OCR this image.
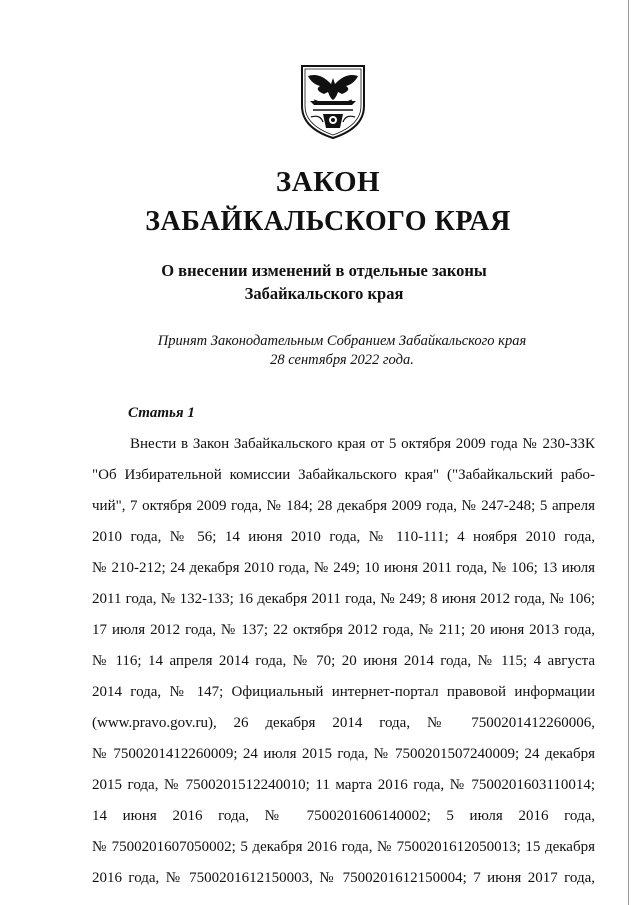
ЗАКОН
ЗАБАЙКАЛЬСКОГО КРАЯ
О внесении изменений в отдельные законы
Забайкальского края
Принят Законодательным Собранием Забайкальского края
28 сентября 2022 года.
Статья 1
Внести в Закон Забайкальского края от 5 октября 2009 года № 230-ЗЗК
"Об Избирательной комиссии Забайкальского края" ("Забайкальский рабо-
чий", 7 октября 2009 года, № 184; 28 декабря 2009 года, № 247-248; 5 апреля
2010 года, № 56; 14 июня 2010 года, № 110-111; 4 ноября 2010 года,
№ 210-212; 24 декабря 2010 года, № 249; 10 июня 2011 года, № 106; 13 июля
2011 года, № 132-133; 16 декабря 2011 года, № 249; 8 июня 2012 года, № 106;
17 июля 2012 года, № 137; 22 октября 2012 года, № 211; 20 июня 2013 года,
№ 116; 14 апреля 2014 года, № 70; 20 июня 2014 года, № 115; 4 августа
2014 года, № 147; Официальный интернет-портал правовой информации
(www.pravo.gov.ru), 26 декабря 2014 года, № 7500201412260006,
№ 7500201412260009; 24 июля 2015 года, № 7500201507240009; 24 декабря
2015 года, № 7500201512240010; 11 марта 2016 года, № 7500201603110014;
14 июня 2016 года, № 7500201606140002; 5 июля 2016 года,
№ 7500201607050002; 5 декабря 2016 года, № 7500201612050013; 15 декабря
2016 года, № 7500201612150003, № 7500201612150004; 7 июня 2017 года,
